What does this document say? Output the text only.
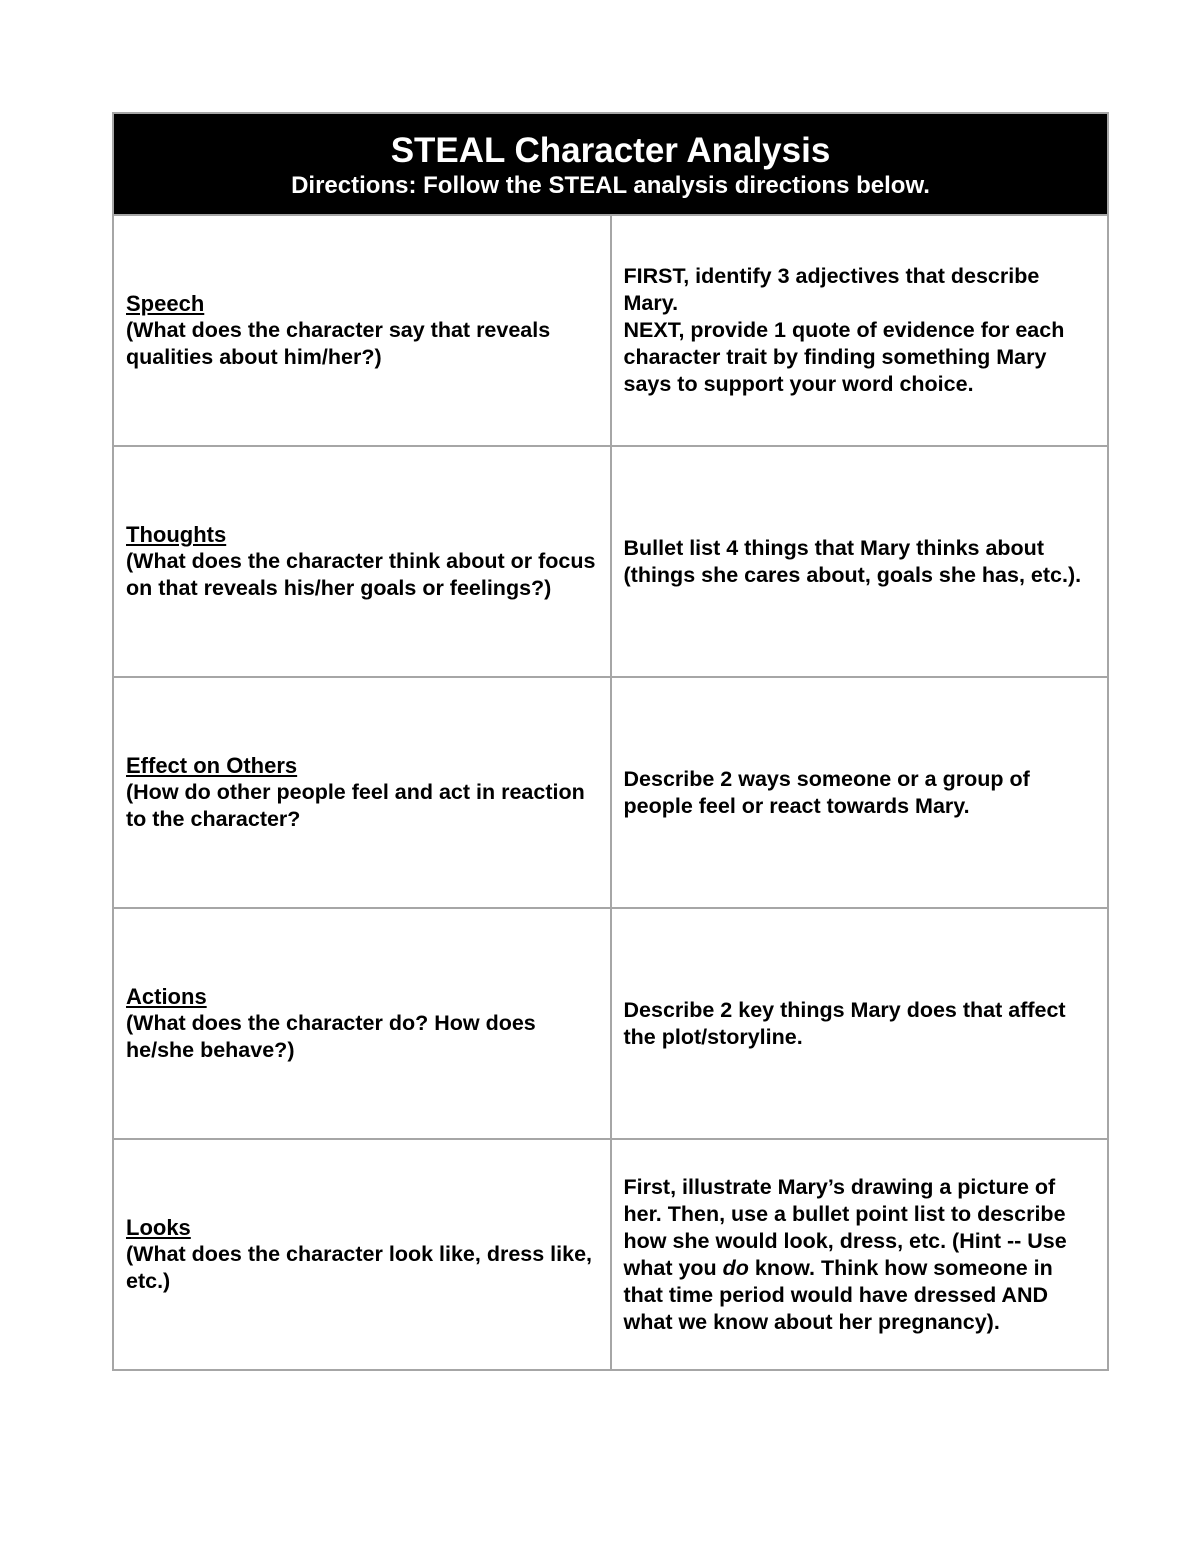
STEAL Character Analysis
Directions: Follow the STEAL analysis directions below.	

Speech
(What does the character say that reveals qualities about him/her?)	FIRST, identify 3 adjectives that describe Mary.
NEXT, provide 1 quote of evidence for each character trait by finding something Mary says to support your word choice.

Thoughts
(What does the character think about or focus on that reveals his/her goals or feelings?)	Bullet list 4 things that Mary thinks about (things she cares about, goals she has, etc.).

Effect on Others
(How do other people feel and act in reaction to the character?	Describe 2 ways someone or a group of people feel or react towards Mary.

Actions
(What does the character do? How does he/she behave?)	Describe 2 key things Mary does that affect the plot/storyline.

Looks
(What does the character look like, dress like, etc.)	First, illustrate Mary’s drawing a picture of her. Then, use a bullet point list to describe how she would look, dress, etc. (Hint -- Use what you do know. Think how someone in that time period would have dressed AND what we know about her pregnancy).
